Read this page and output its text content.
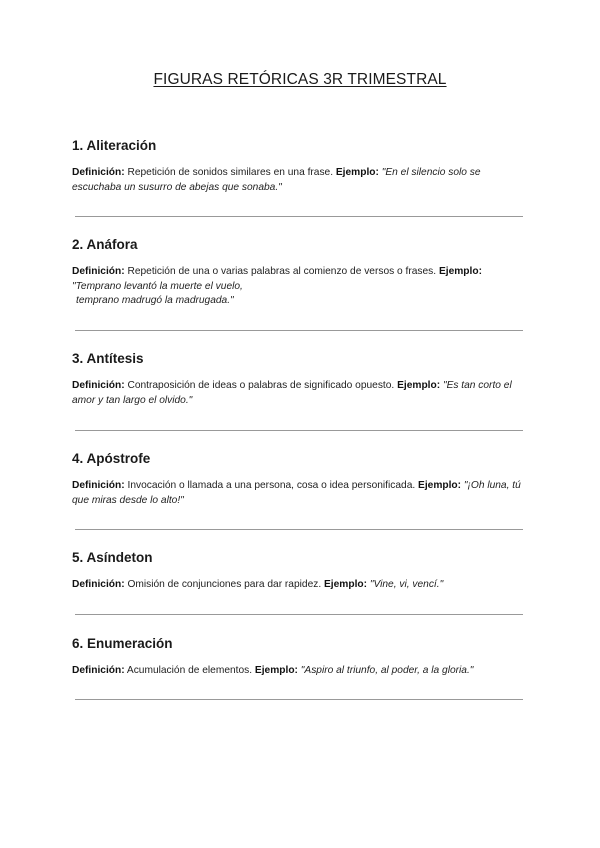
FIGURAS RETÓRICAS 3R TRIMESTRAL
1. Aliteración
Definición: Repetición de sonidos similares en una frase. Ejemplo: "En el silencio solo se escuchaba un susurro de abejas que sonaba."
2. Anáfora
Definición: Repetición de una o varias palabras al comienzo de versos o frases. Ejemplo:
"Temprano levantó la muerte el vuelo,
temprano madrugó la madrugada."
3. Antítesis
Definición: Contraposición de ideas o palabras de significado opuesto. Ejemplo: "Es tan corto el amor y tan largo el olvido."
4. Apóstrofe
Definición: Invocación o llamada a una persona, cosa o idea personificada. Ejemplo: "¡Oh luna, tú que miras desde lo alto!"
5. Asíndeton
Definición: Omisión de conjunciones para dar rapidez. Ejemplo: "Vine, vi, vencí."
6. Enumeración
Definición: Acumulación de elementos. Ejemplo: "Aspiro al triunfo, al poder, a la gloria."
